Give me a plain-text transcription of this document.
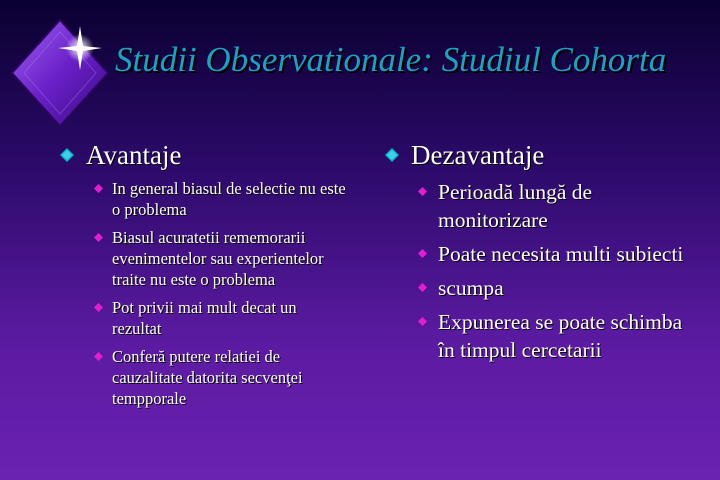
Studii Observationale: Studiul Cohorta
Avantaje
In general biasul de selectie nu este o problema
Biasul acuratetii rememorarii evenimentelor sau experientelor traite nu este o problema
Pot privii mai mult decat un rezultat
Conferă putere relatiei de cauzalitate datorita secvenţei tempporale
Dezavantaje
Perioadă lungă de monitorizare
Poate necesita multi subiecti
scumpa
Expunerea se poate schimba în timpul cercetarii
